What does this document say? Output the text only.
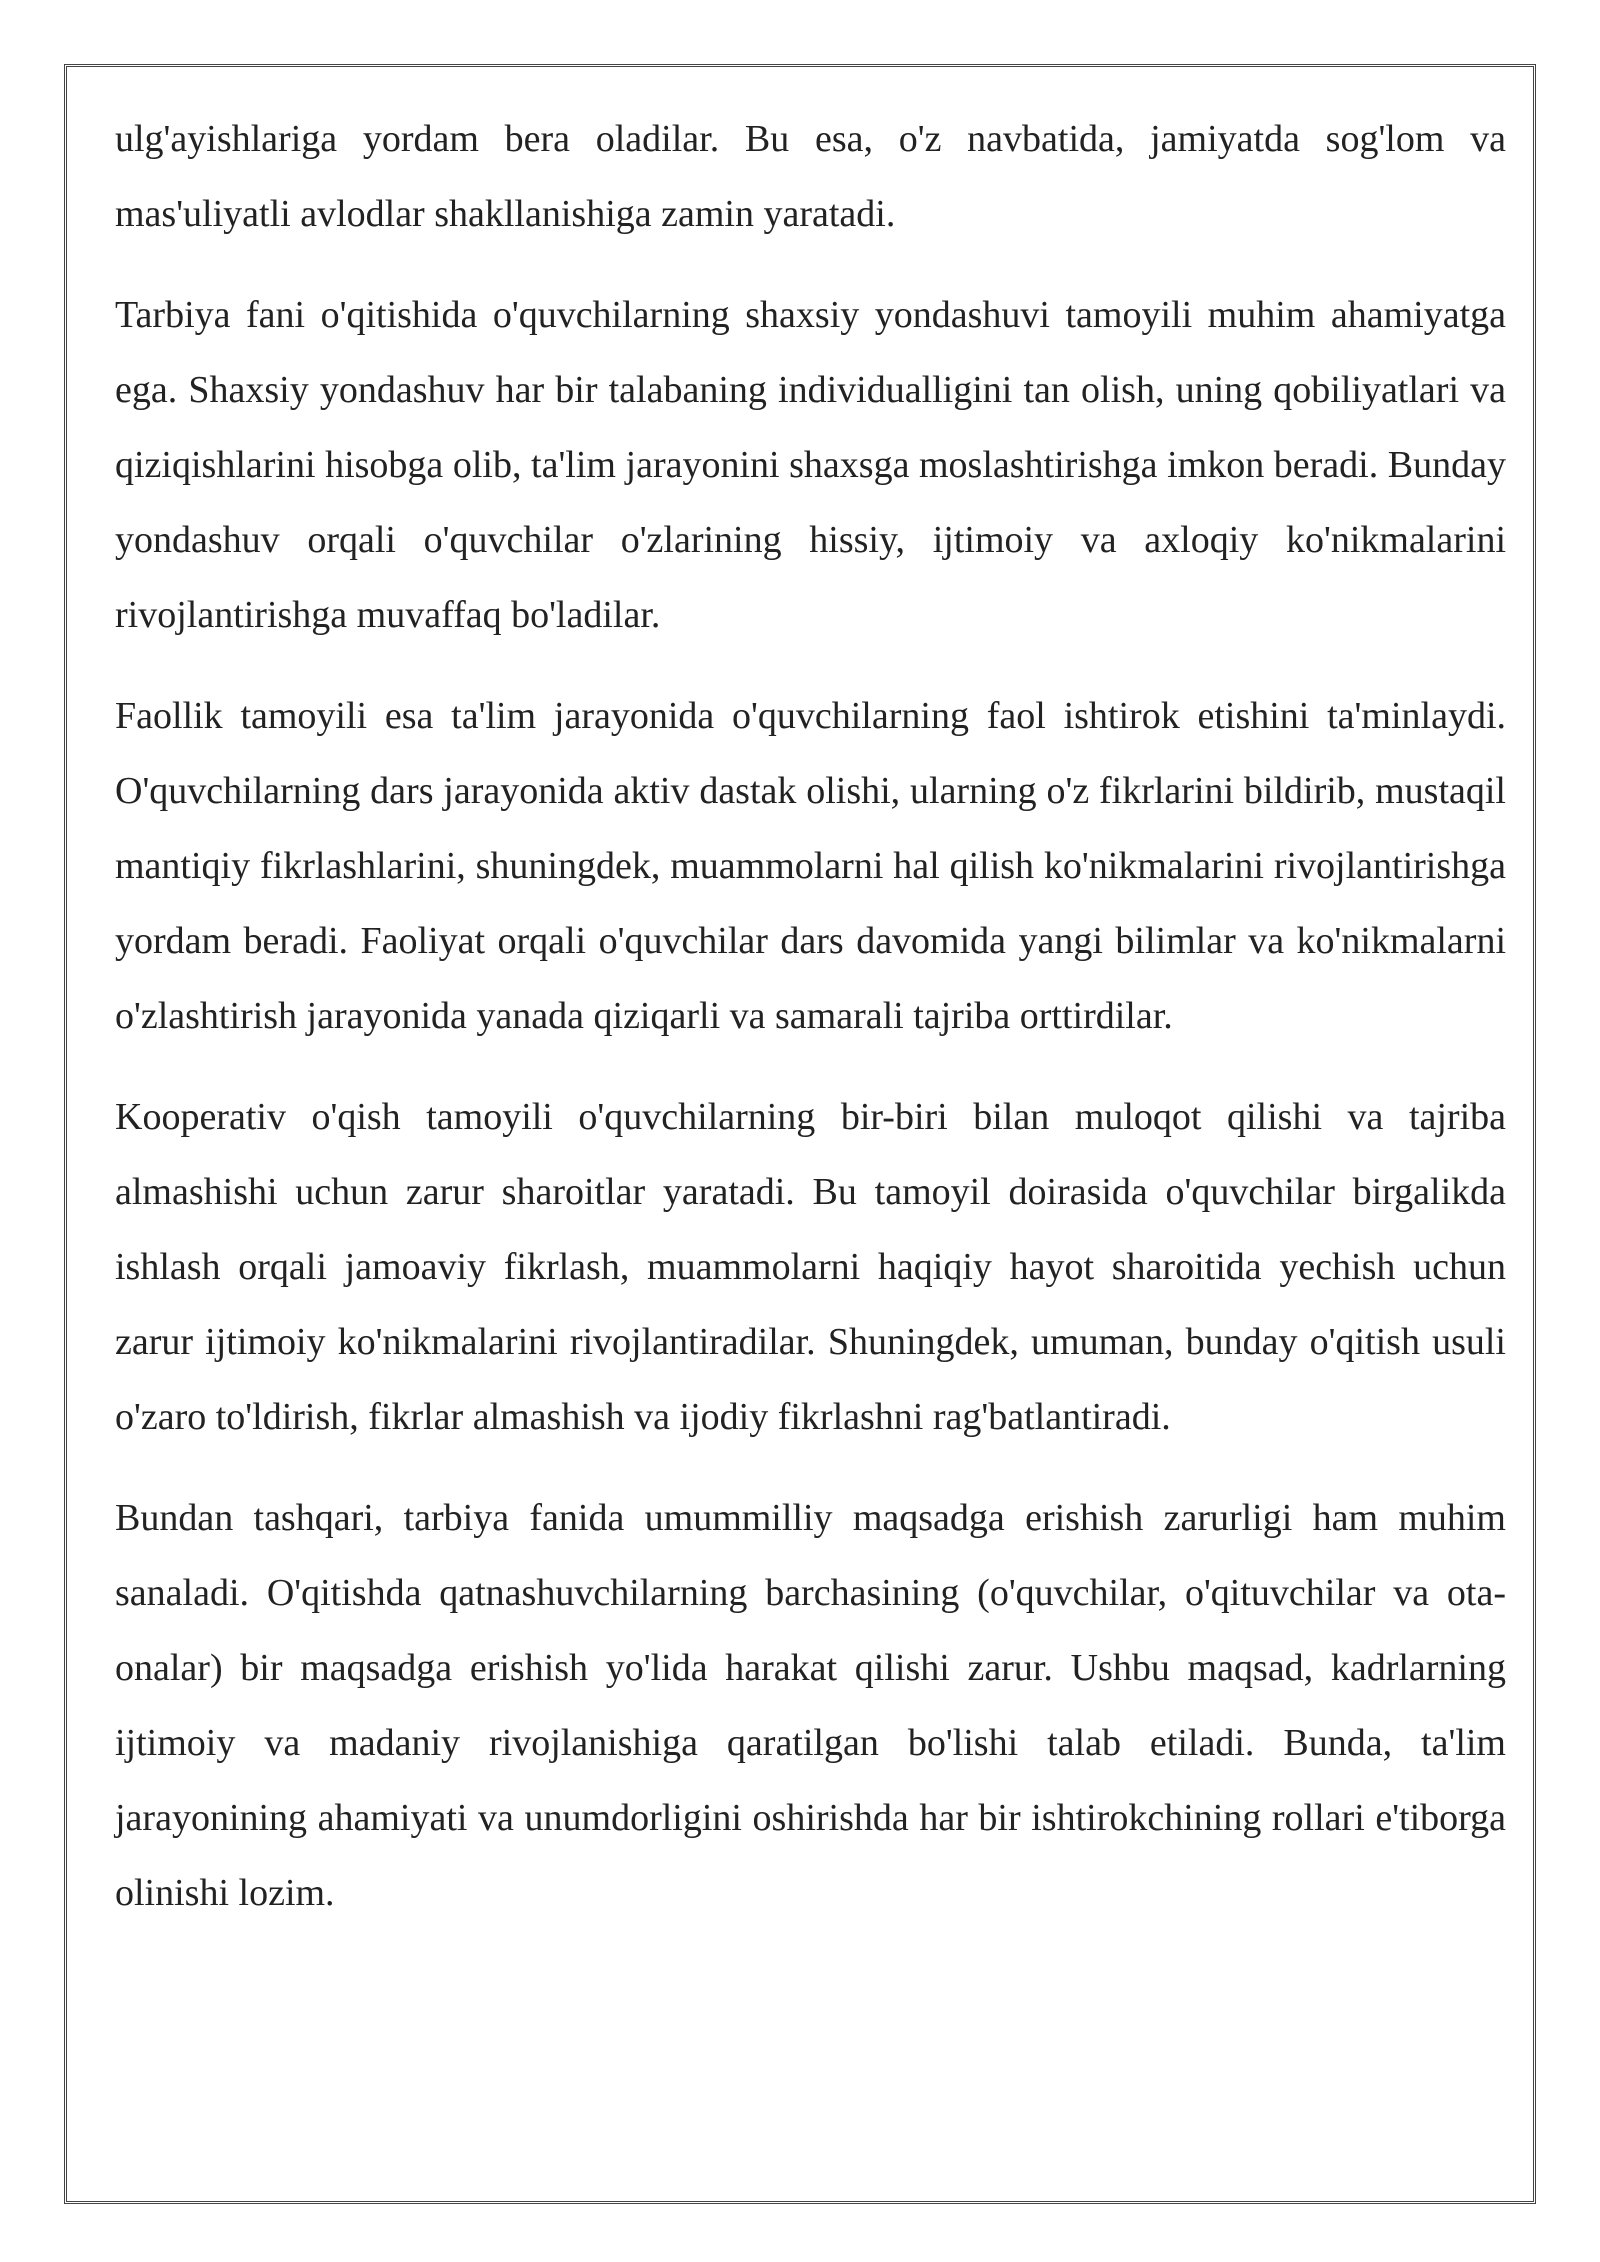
ulg'ayishlariga yordam bera oladilar. Bu esa, o'z navbatida, jamiyatda sog'lom va mas'uliyatli avlodlar shakllanishiga zamin yaratadi.

Tarbiya fani o'qitishida o'quvchilarning shaxsiy yondashuvi tamoyili muhim ahamiyatga ega. Shaxsiy yondashuv har bir talabaning individualligini tan olish, uning qobiliyatlari va qiziqishlarini hisobga olib, ta'lim jarayonini shaxsga moslashtirishga imkon beradi. Bunday yondashuv orqali o'quvchilar o'zlarining hissiy, ijtimoiy va axloqiy ko'nikmalarini rivojlantirishga muvaffaq bo'ladilar.

Faollik tamoyili esa ta'lim jarayonida o'quvchilarning faol ishtirok etishini ta'minlaydi. O'quvchilarning dars jarayonida aktiv dastak olishi, ularning o'z fikrlarini bildirib, mustaqil mantiqiy fikrlashlarini, shuningdek, muammolarni hal qilish ko'nikmalarini rivojlantirishga yordam beradi. Faoliyat orqali o'quvchilar dars davomida yangi bilimlar va ko'nikmalarni o'zlashtirish jarayonida yanada qiziqarli va samarali tajriba orttirdilar.

Kooperativ o'qish tamoyili o'quvchilarning bir-biri bilan muloqot qilishi va tajriba almashishi uchun zarur sharoitlar yaratadi. Bu tamoyil doirasida o'quvchilar birgalikda ishlash orqali jamoaviy fikrlash, muammolarni haqiqiy hayot sharoitida yechish uchun zarur ijtimoiy ko'nikmalarini rivojlantiradilar. Shuningdek, umuman, bunday o'qitish usuli o'zaro to'ldirish, fikrlar almashish va ijodiy fikrlashni rag'batlantiradi.

Bundan tashqari, tarbiya fanida umummilliy maqsadga erishish zarurligi ham muhim sanaladi. O'qitishda qatnashuvchilarning barchasining (o'quvchilar, o'qituvchilar va ota-onalar) bir maqsadga erishish yo'lida harakat qilishi zarur. Ushbu maqsad, kadrlarning ijtimoiy va madaniy rivojlanishiga qaratilgan bo'lishi talab etiladi. Bunda, ta'lim jarayonining ahamiyati va unumdorligini oshirishda har bir ishtirokchining rollari e'tiborga olinishi lozim.
